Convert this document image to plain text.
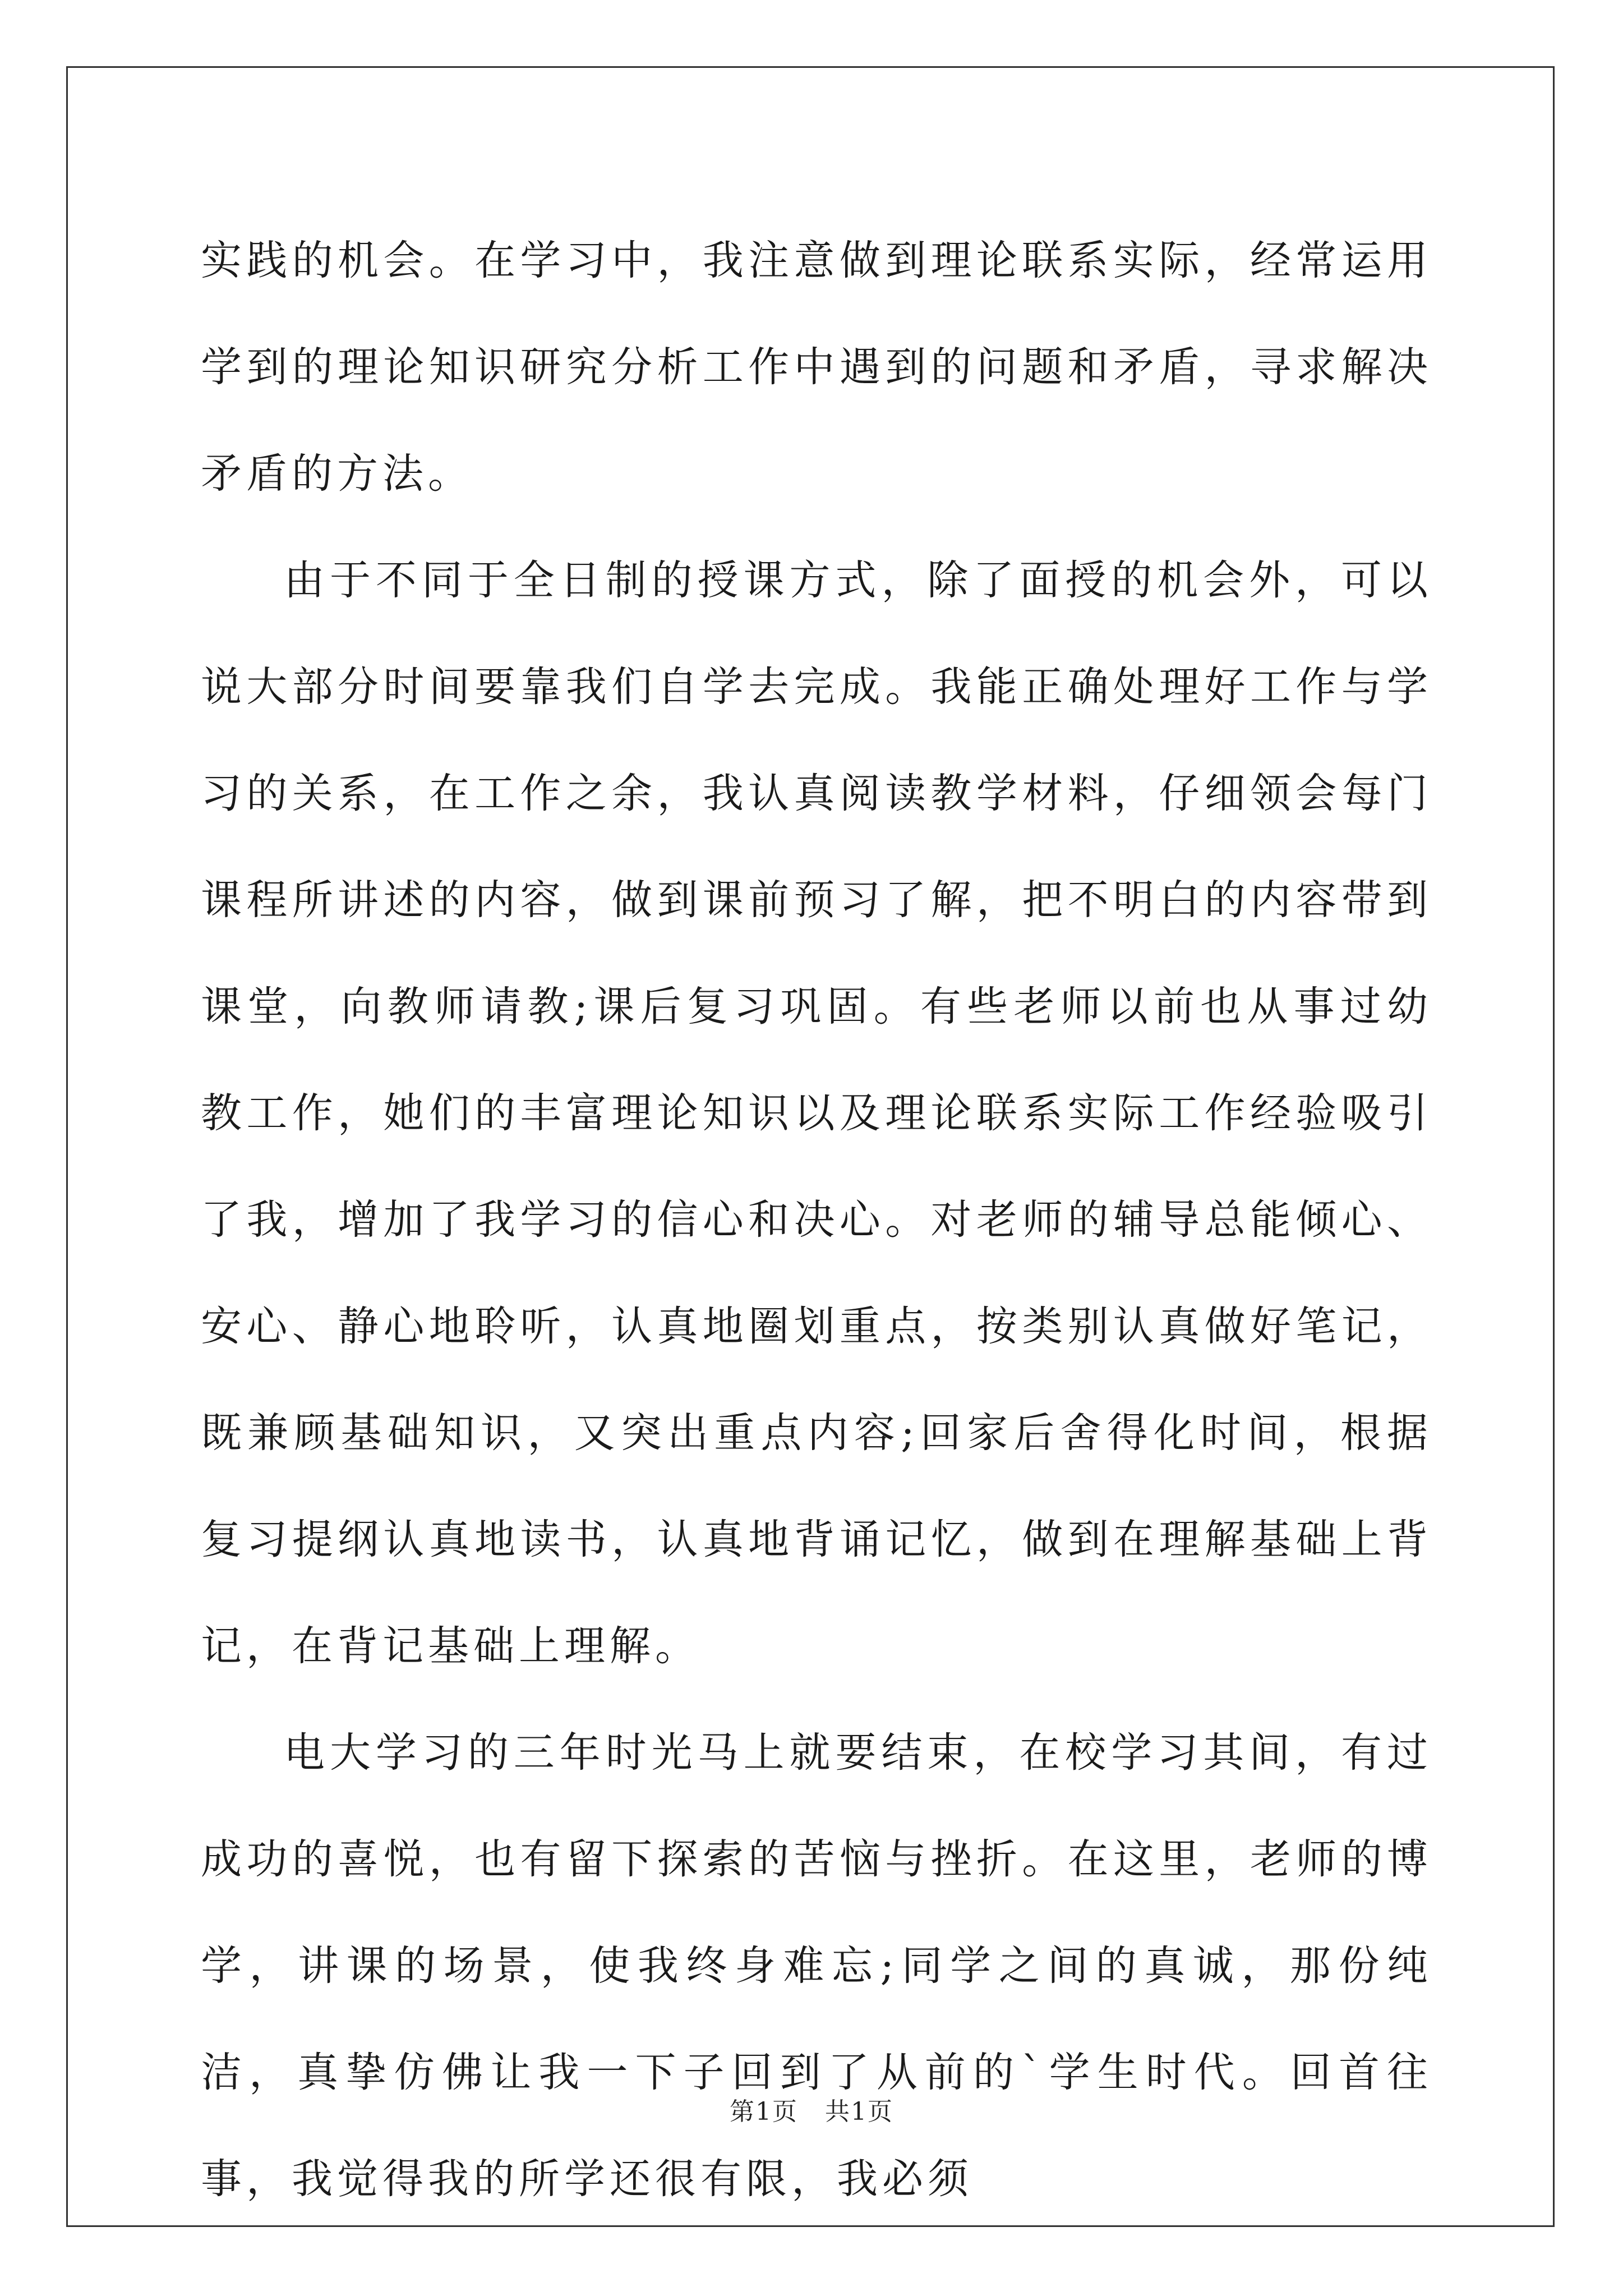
实践的机会。在学习中，我注意做到理论联系实际，经常运用学到的理论知识研究分析工作中遇到的问题和矛盾，寻求解决矛盾的方法。

由于不同于全日制的授课方式，除了面授的机会外，可以说大部分时间要靠我们自学去完成。我能正确处理好工作与学习的关系，在工作之余，我认真阅读教学材料，仔细领会每门课程所讲述的内容，做到课前预习了解，把不明白的内容带到课堂，向教师请教;课后复习巩固。有些老师以前也从事过幼教工作，她们的丰富理论知识以及理论联系实际工作经验吸引了我，增加了我学习的信心和决心。对老师的辅导总能倾心、安心、静心地聆听，认真地圈划重点，按类别认真做好笔记，既兼顾基础知识，又突出重点内容;回家后舍得化时间，根据复习提纲认真地读书，认真地背诵记忆，做到在理解基础上背记，在背记基础上理解。

电大学习的三年时光马上就要结束，在校学习其间，有过成功的喜悦，也有留下探索的苦恼与挫折。在这里，老师的博学，讲课的场景，使我终身难忘;同学之间的真诚，那份纯洁，真挚仿佛让我一下子回到了从前的`学生时代。回首往事，我觉得我的所学还很有限，我必须

第1页 共1页
